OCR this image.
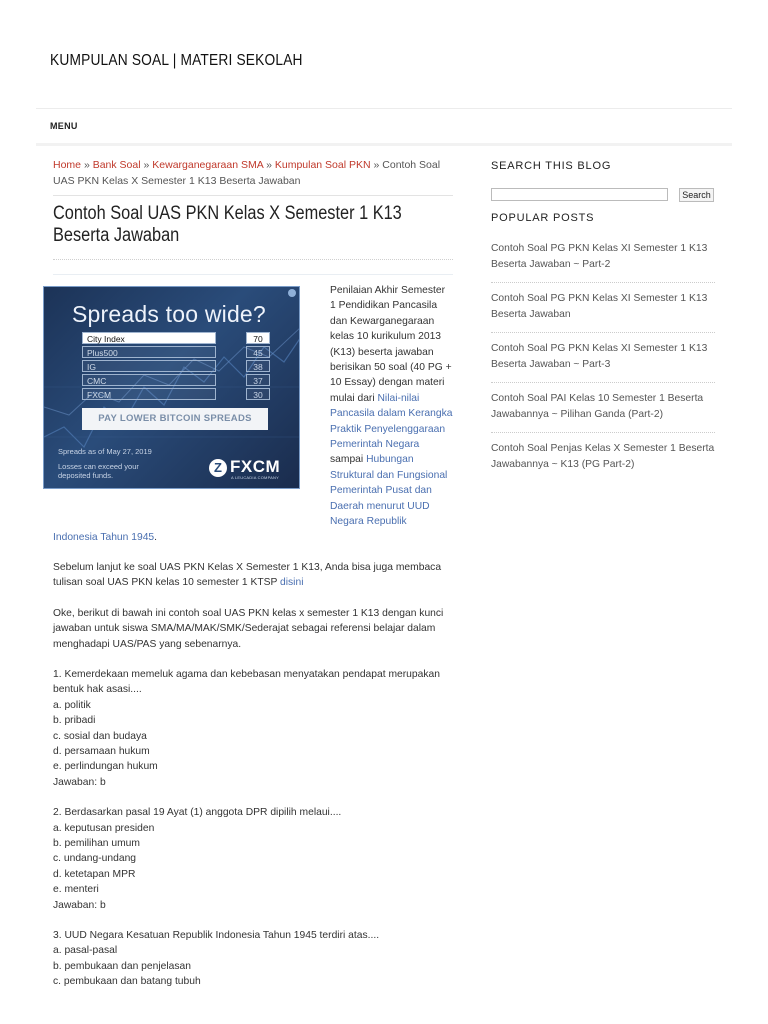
KUMPULAN SOAL | MATERI SEKOLAH
MENU
Home » Bank Soal » Kewarganegaraan SMA » Kumpulan Soal PKN » Contoh Soal UAS PKN Kelas X Semester 1 K13 Beserta Jawaban
Contoh Soal UAS PKN Kelas X Semester 1 K13 Beserta Jawaban

Penilaian Akhir Semester 1 Pendidikan Pancasila dan Kewarganegaraan kelas 10 kurikulum 2013 (K13) beserta jawaban berisikan 50 soal (40 PG + 10 Essay) dengan materi mulai dari Nilai-nilai Pancasila dalam Kerangka Praktik Penyelenggaraan Pemerintah Negara sampai Hubungan Struktural dan Fungsional Pemerintah Pusat dan Daerah menurut UUD Negara Republik Indonesia Tahun 1945.

Sebelum lanjut ke soal UAS PKN Kelas X Semester 1 K13, Anda bisa juga membaca tulisan soal UAS PKN kelas 10 semester 1 KTSP disini

Oke, berikut di bawah ini contoh soal UAS PKN kelas x semester 1 K13 dengan kunci jawaban untuk siswa SMA/MA/MAK/SMK/Sederajat sebagai referensi belajar dalam menghadapi UAS/PAS yang sebenarnya.

1. Kemerdekaan memeluk agama dan kebebasan menyatakan pendapat merupakan bentuk hak asasi....
a. politik
b. pribadi
c. sosial dan budaya
d. persamaan hukum
e. perlindungan hukum
Jawaban: b
2. Berdasarkan pasal 19 Ayat (1) anggota DPR dipilih melaui....
a. keputusan presiden
b. pemilihan umum
c. undang-undang
d. ketetapan MPR
e. menteri
Jawaban: b
3. UUD Negara Kesatuan Republik Indonesia Tahun 1945 terdiri atas....
a. pasal-pasal
b. pembukaan dan penjelasan
c. pembukaan dan batang tubuh
Spreads too wide?
City Index	70
Plus500	45
IG	38
CMC	37
FXCM	30
PAY LOWER BITCOIN SPREADS
Spreads as of May 27, 2019
Losses can exceed your deposited funds.
Z FXCM
A LEUCADIA COMPANY
SEARCH THIS BLOG
Search
POPULAR POSTS
Contoh Soal PG PKN Kelas XI Semester 1 K13 Beserta Jawaban ~ Part-2
Contoh Soal PG PKN Kelas XI Semester 1 K13 Beserta Jawaban
Contoh Soal PG PKN Kelas XI Semester 1 K13 Beserta Jawaban ~ Part-3
Contoh Soal PAI Kelas 10 Semester 1 Beserta Jawabannya ~ Pilihan Ganda (Part-2)
Contoh Soal Penjas Kelas X Semester 1 Beserta Jawabannya ~ K13 (PG Part-2)
